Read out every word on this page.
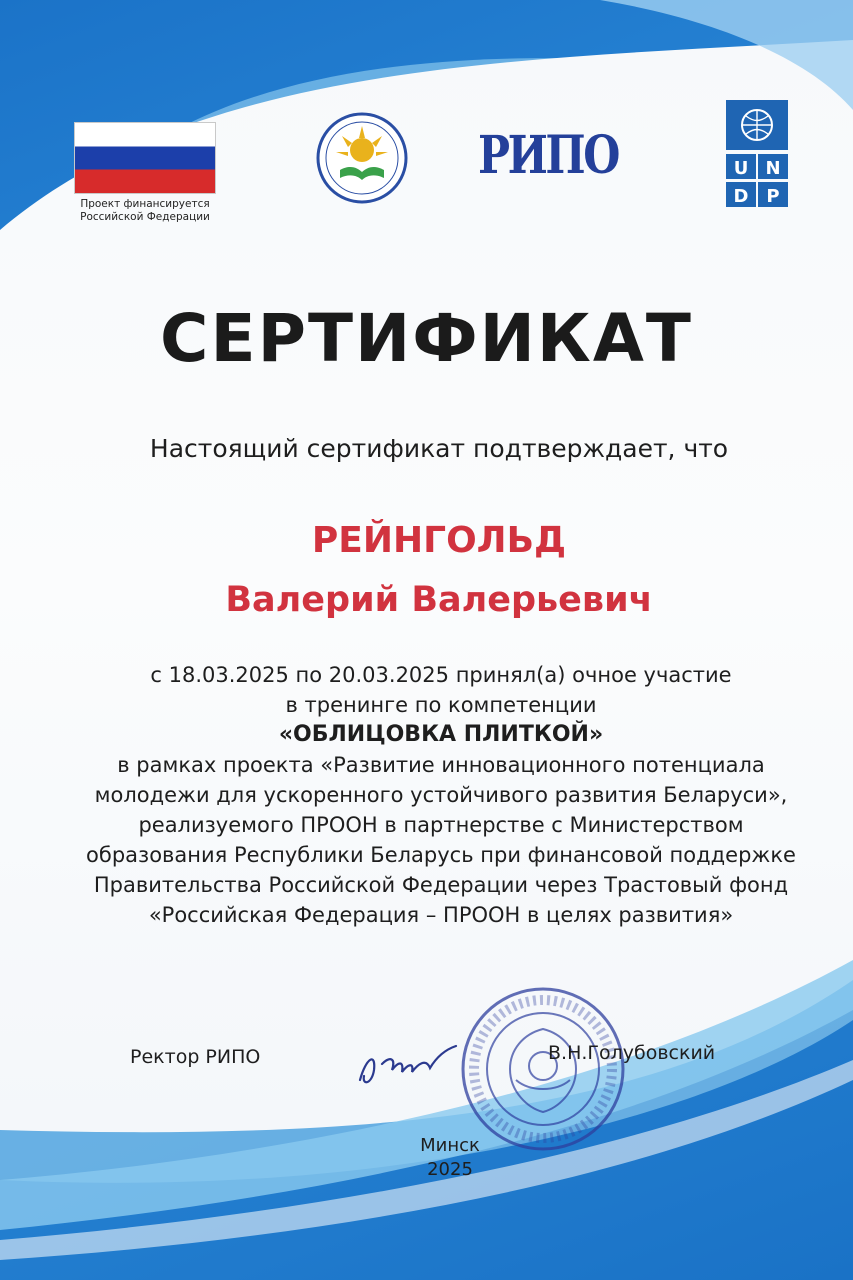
Проект финансируется
Российской Федерации
РИПО	U N
D P
СЕРТИФИКАТ
Настоящий сертификат подтверждает, что
РЕЙНГОЛЬД
Валерий Валерьевич
с 18.03.2025 по 20.03.2025 принял(а) очное участие
в тренинге по компетенции
«ОБЛИЦОВКА ПЛИТКОЙ»
в рамках проекта «Развитие инновационного потенциала
молодежи для ускоренного устойчивого развития Беларуси»,
реализуемого ПРООН в партнерстве с Министерством
образования Республики Беларусь при финансовой поддержке
Правительства Российской Федерации через Трастовый фонд
«Российская Федерация – ПРООН в целях развития»
Ректор РИПО	В.Н.Голубовский
Минск
2025
